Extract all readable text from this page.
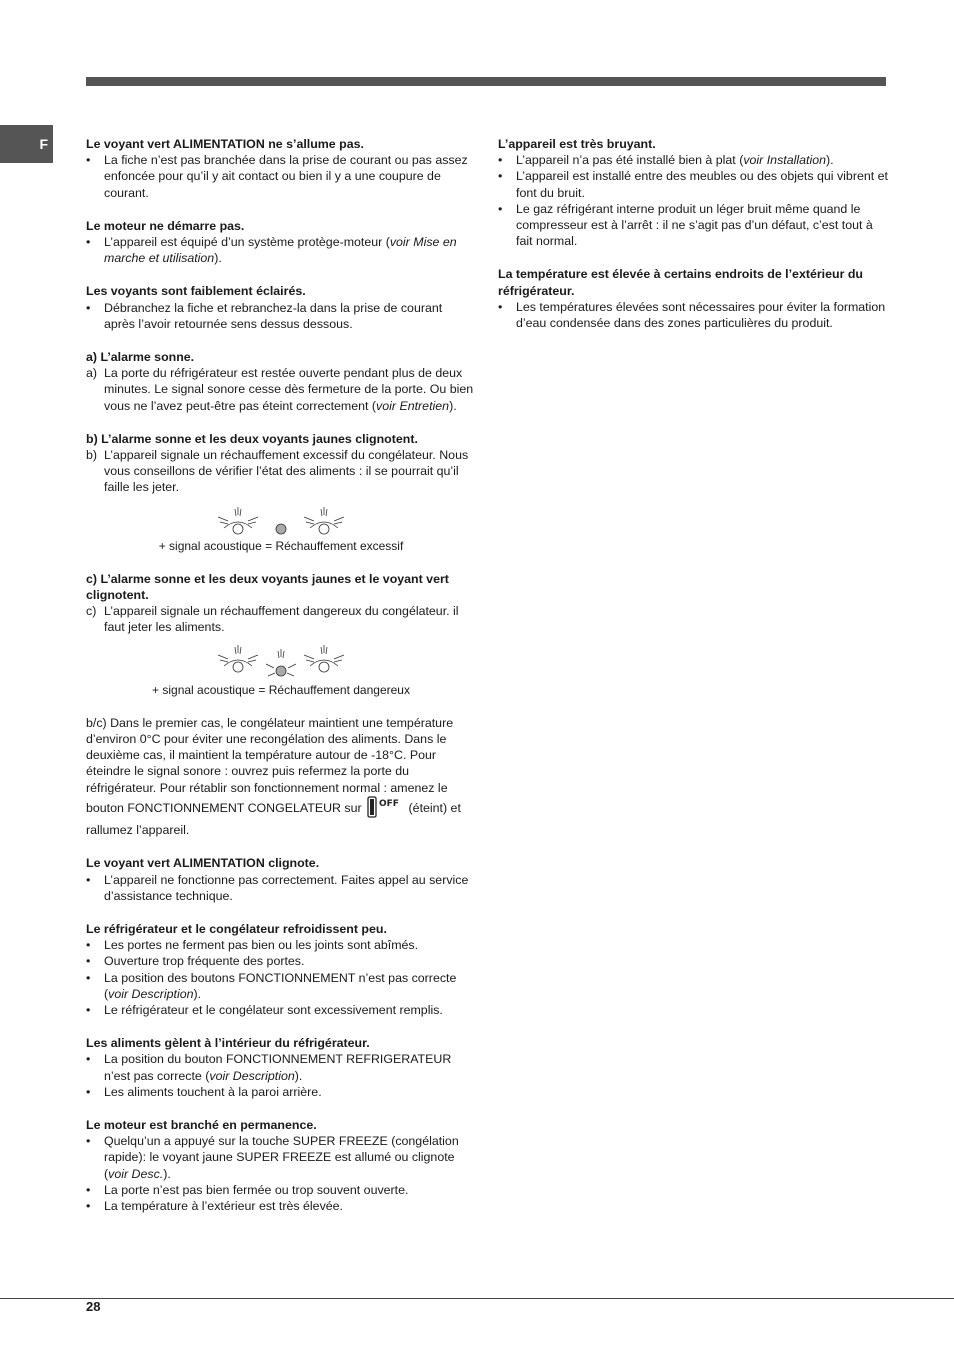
F	Le voyant vert ALIMENTATION ne s’allume pas.

• La fiche n’est pas branchée dans la prise de courant ou pas assez enfoncée pour qu’il y ait contact ou bien il y a une coupure de courant.

Le moteur ne démarre pas.

• L’appareil est équipé d’un système protège-moteur (voir Mise en marche et utilisation).

Les voyants sont faiblement éclairés.

• Débranchez la fiche et rebranchez-la dans la prise de courant après l’avoir retournée sens dessus dessous.

a) L’alarme sonne.

a) La porte du réfrigérateur est restée ouverte pendant plus de deux minutes. Le signal sonore cesse dès fermeture de la porte. Ou bien vous ne l’avez peut-être pas éteint correctement (voir Entretien).

b) L’alarme sonne et les deux voyants jaunes clignotent.

b) L’appareil signale un réchauffement excessif du congélateur. Nous vous conseillons de vérifier l’état des aliments : il se pourrait qu’il faille les jeter.
+ signal acoustique = Réchauffement excessif

c) L’alarme sonne et les deux voyants jaunes et le voyant vert clignotent.

c) L’appareil signale un réchauffement dangereux du congélateur. il faut jeter les aliments.
+ signal acoustique = Réchauffement dangereux
b/c) Dans le premier cas, le congélateur maintient une température d’environ 0°C pour éviter une recongélation des aliments. Dans le deuxième cas, il maintient la température autour de -18°C. Pour éteindre le signal sonore : ouvrez puis refermez la porte du réfrigérateur. Pour rétablir son fonctionnement normal : amenez le bouton FONCTIONNEMENT CONGELATEUR sur OFF (éteint) et rallumez l’appareil.

Le voyant vert ALIMENTATION clignote.

• L’appareil ne fonctionne pas correctement. Faites appel au service d’assistance technique.

Le réfrigérateur et le congélateur refroidissent peu.

• Les portes ne ferment pas bien ou les joints sont abîmés.
• Ouverture trop fréquente des portes.
• La position des boutons FONCTIONNEMENT n’est pas correcte (voir Description).
• Le réfrigérateur et le congélateur sont excessivement remplis.

Les aliments gèlent à l’intérieur du réfrigérateur.

• La position du bouton FONCTIONNEMENT REFRIGERATEUR n’est pas correcte (voir Description).
• Les aliments touchent à la paroi arrière.

Le moteur est branché en permanence.

• Quelqu’un a appuyé sur la touche SUPER FREEZE (congélation rapide): le voyant jaune SUPER FREEZE est allumé ou clignote (voir Desc.).
• La porte n’est pas bien fermée ou trop souvent ouverte.
• La température à l’extérieur est très élevée.

L’appareil est très bruyant.

• L’appareil n’a pas été installé bien à plat (voir Installation).
• L’appareil est installé entre des meubles ou des objets qui vibrent et font du bruit.
• Le gaz réfrigérant interne produit un léger bruit même quand le compresseur est à l’arrêt : il ne s’agit pas d’un défaut, c’est tout à fait normal.

La température est élevée à certains endroits de l’extérieur du réfrigérateur.

• Les températures élevées sont nécessaires pour éviter la formation d’eau condensée dans des zones particulières du produit.
28
